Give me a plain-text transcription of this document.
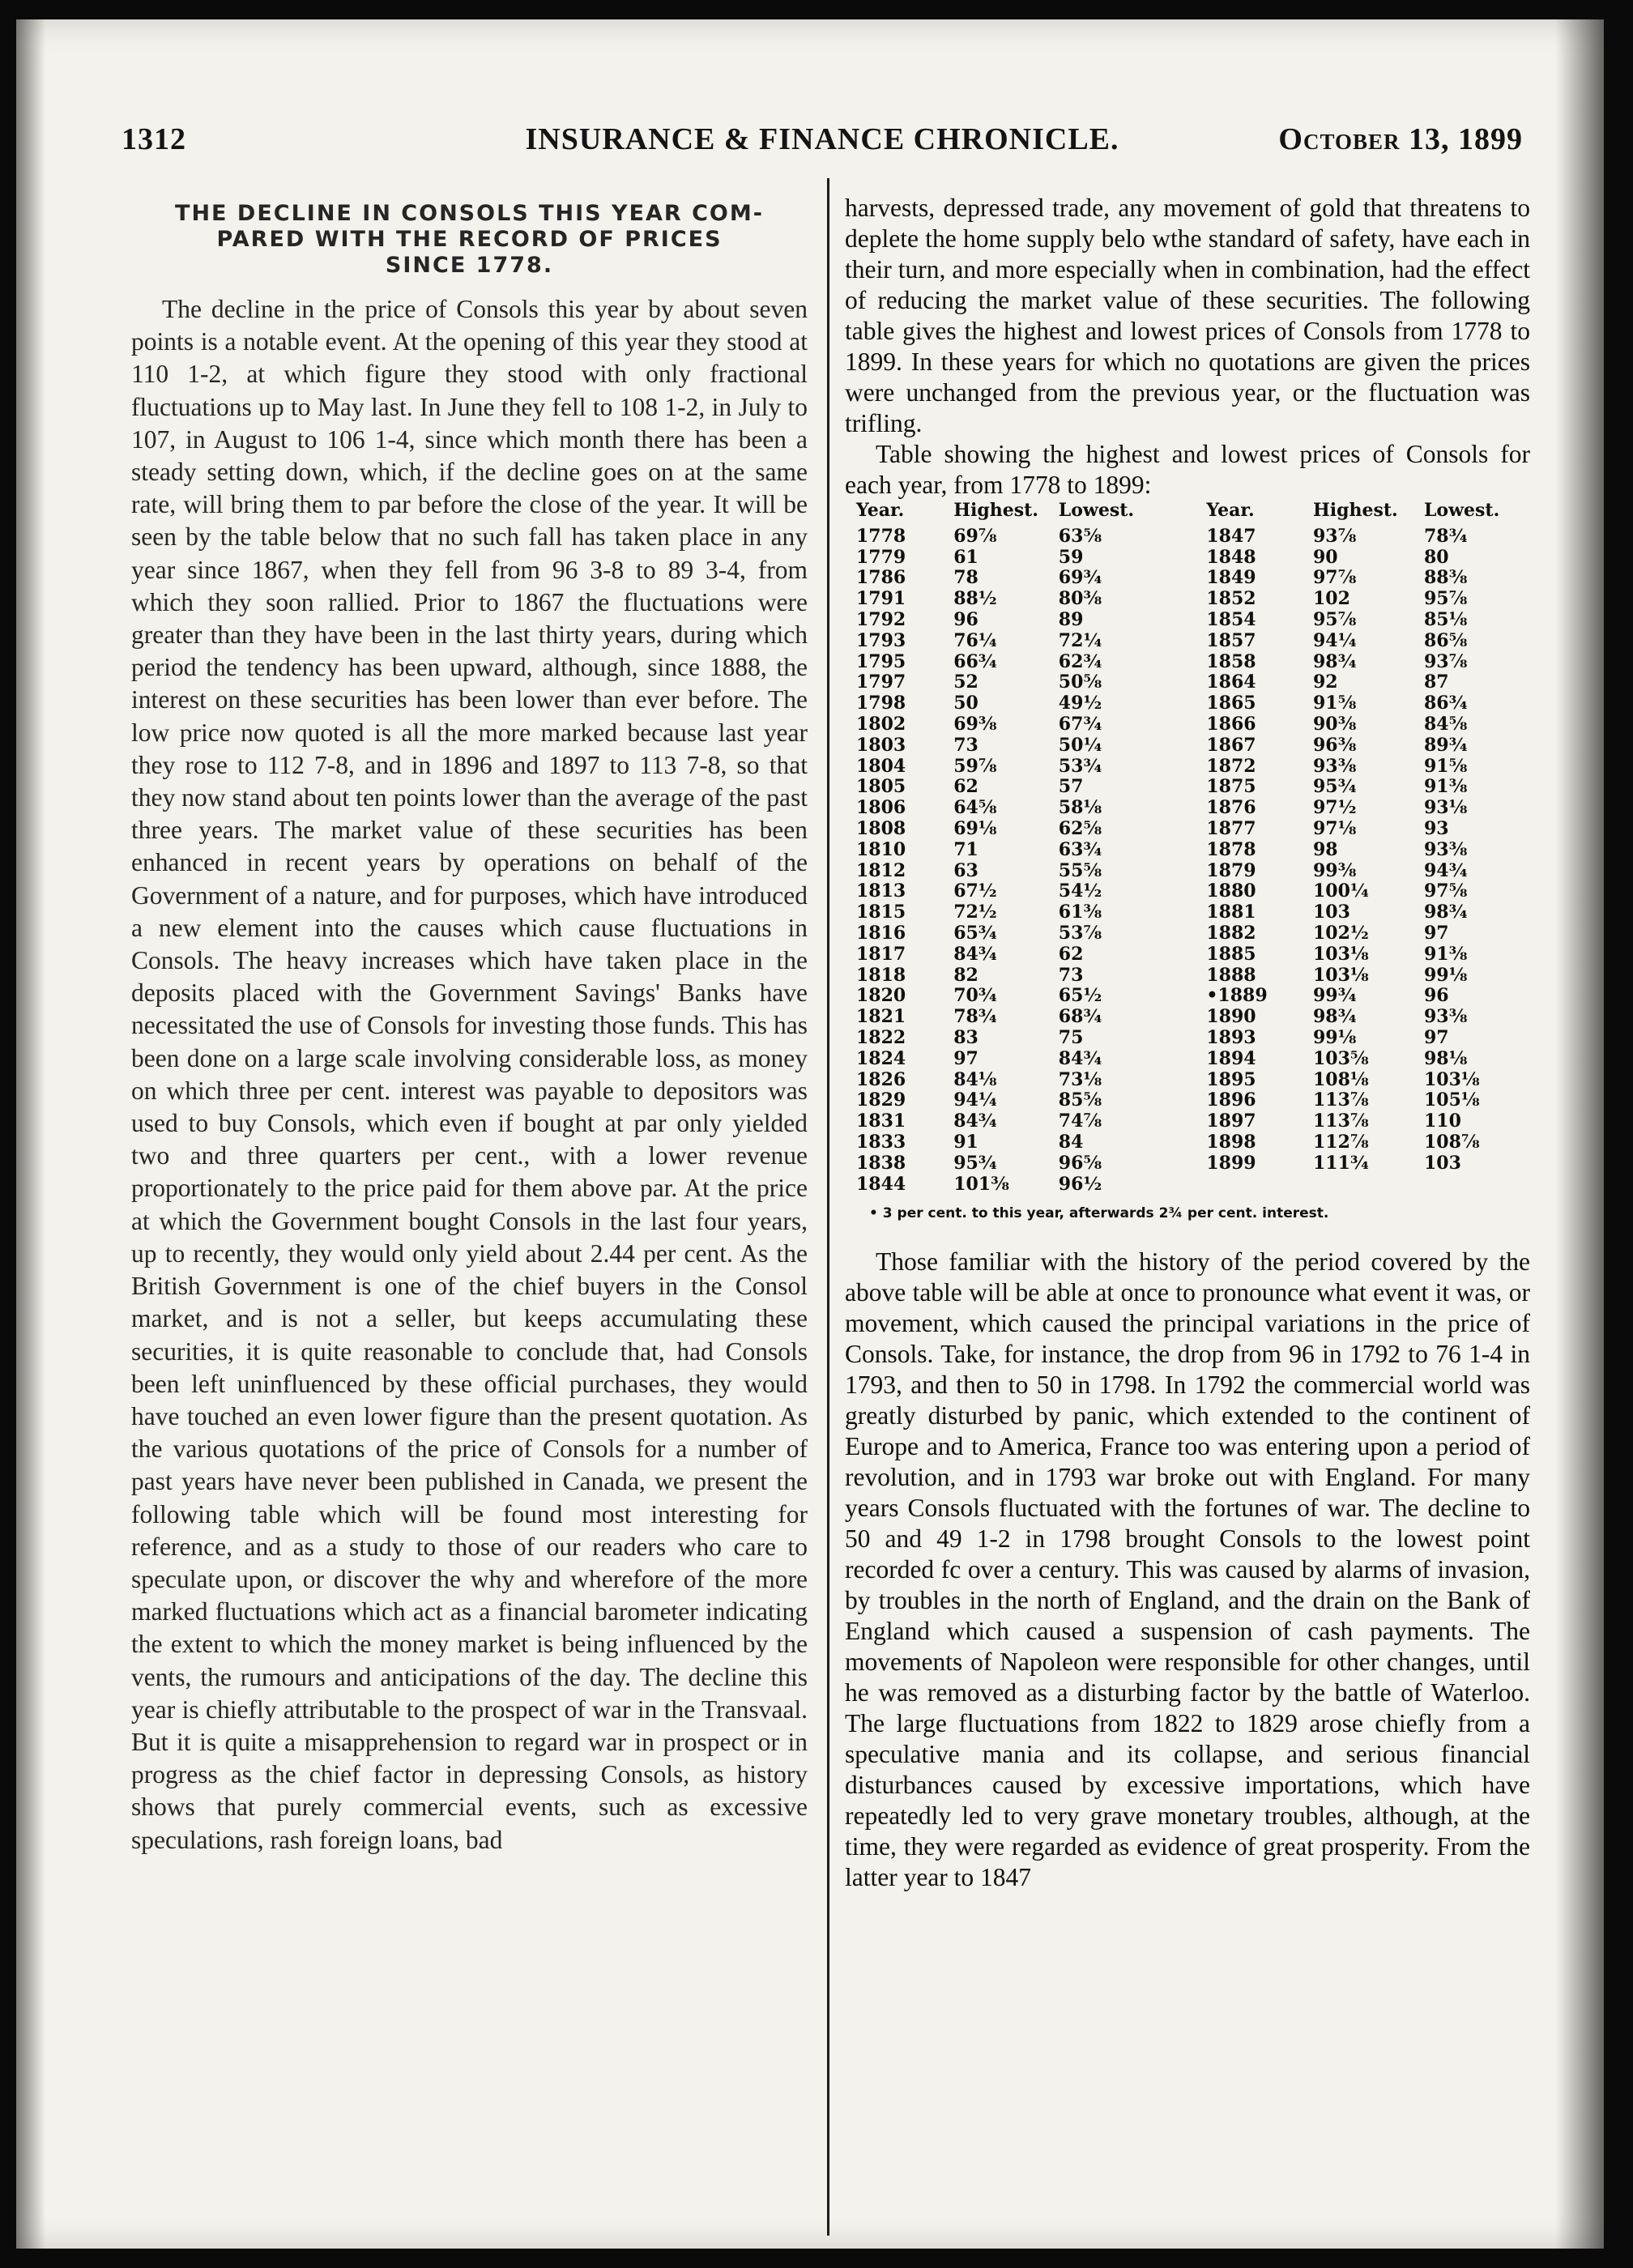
1312	INSURANCE & FINANCE CHRONICLE.	October 13, 1899
THE DECLINE IN CONSOLS THIS YEAR COM-
PARED WITH THE RECORD OF PRICES
SINCE 1778.

The decline in the price of Consols this year by about seven points is a notable event. At the opening of this year they stood at 110 1-2, at which figure they stood with only fractional fluctuations up to May last. In June they fell to 108 1-2, in July to 107, in August to 106 1-4, since which month there has been a steady setting down, which, if the decline goes on at the same rate, will bring them to par before the close of the year. It will be seen by the table below that no such fall has taken place in any year since 1867, when they fell from 96 3-8 to 89 3-4, from which they soon rallied. Prior to 1867 the fluctuations were greater than they have been in the last thirty years, during which period the tendency has been upward, although, since 1888, the interest on these securities has been lower than ever before. The low price now quoted is all the more marked because last year they rose to 112 7-8, and in 1896 and 1897 to 113 7-8, so that they now stand about ten points lower than the average of the past three years. The market value of these securities has been enhanced in recent years by operations on behalf of the Government of a nature, and for purposes, which have introduced a new element into the causes which cause fluctuations in Consols. The heavy increases which have taken place in the deposits placed with the Government Savings' Banks have necessitated the use of Consols for investing those funds. This has been done on a large scale involving considerable loss, as money on which three per cent. interest was payable to depositors was used to buy Consols, which even if bought at par only yielded two and three quarters per cent., with a lower revenue proportionately to the price paid for them above par. At the price at which the Government bought Consols in the last four years, up to recently, they would only yield about 2.44 per cent. As the British Government is one of the chief buyers in the Consol market, and is not a seller, but keeps accumulating these securities, it is quite reasonable to conclude that, had Consols been left uninfluenced by these official purchases, they would have touched an even lower figure than the present quotation. As the various quotations of the price of Consols for a number of past years have never been published in Canada, we present the following table which will be found most interesting for reference, and as a study to those of our readers who care to speculate upon, or discover the why and wherefore of the more marked fluctuations which act as a financial barometer indicating the extent to which the money market is being influenced by the vents, the rumours and anticipations of the day. The decline this year is chiefly attributable to the prospect of war in the Transvaal. But it is quite a misapprehension to regard war in prospect or in progress as the chief factor in depressing Consols, as history shows that purely commercial events, such as excessive speculations, rash foreign loans, bad

harvests, depressed trade, any movement of gold that threatens to deplete the home supply belo wthe standard of safety, have each in their turn, and more especially when in combination, had the effect of reducing the market value of these securities. The following table gives the highest and lowest prices of Consols from 1778 to 1899. In these years for which no quotations are given the prices were unchanged from the previous year, or the fluctuation was trifling.

Table showing the highest and lowest prices of Consols for each year, from 1778 to 1899:

Year.	Highest.	Lowest.	Year.	Highest.	Lowest.
1778	69⅞	63⅝	1847	93⅞	78¾
1779	61	59	1848	90	80
1786	78	69¾	1849	97⅞	88⅜
1791	88½	80⅜	1852	102	95⅞
1792	96	89	1854	95⅞	85⅛
1793	76¼	72¼	1857	94¼	86⅝
1795	66¾	62¾	1858	98¾	93⅞
1797	52	50⅝	1864	92	87
1798	50	49½	1865	91⅝	86¾
1802	69⅜	67¾	1866	90⅜	84⅝
1803	73	50¼	1867	96⅜	89¾
1804	59⅞	53¾	1872	93⅜	91⅝
1805	62	57	1875	95¾	91⅜
1806	64⅝	58⅛	1876	97½	93⅛
1808	69⅛	62⅝	1877	97⅛	93
1810	71	63¾	1878	98	93⅜
1812	63	55⅝	1879	99⅜	94¾
1813	67½	54½	1880	100¼	97⅝
1815	72½	61⅜	1881	103	98¾
1816	65¾	53⅞	1882	102½	97
1817	84¾	62	1885	103⅛	91⅜
1818	82	73	1888	103⅛	99⅛
1820	70¾	65½	•1889	99¾	96
1821	78¾	68¾	1890	98¾	93⅜
1822	83	75	1893	99⅛	97
1824	97	84¾	1894	103⅝	98⅛
1826	84⅛	73⅛	1895	108⅛	103⅛
1829	94¼	85⅝	1896	113⅞	105⅛
1831	84¾	74⅞	1897	113⅞	110
1833	91	84	1898	112⅞	108⅞
1838	95¾	96⅝	1899	111¾	103
1844	101⅜	96½			
• 3 per cent. to this year, afterwards 2¾ per cent. interest.

Those familiar with the history of the period covered by the above table will be able at once to pronounce what event it was, or movement, which caused the principal variations in the price of Consols. Take, for instance, the drop from 96 in 1792 to 76 1-4 in 1793, and then to 50 in 1798. In 1792 the commercial world was greatly disturbed by panic, which extended to the continent of Europe and to America, France too was entering upon a period of revolution, and in 1793 war broke out with England. For many years Consols fluctuated with the fortunes of war. The decline to 50 and 49 1-2 in 1798 brought Consols to the lowest point recorded fc over a century. This was caused by alarms of invasion, by troubles in the north of England, and the drain on the Bank of England which caused a suspension of cash payments. The movements of Napoleon were responsible for other changes, until he was removed as a disturbing factor by the battle of Waterloo. The large fluctuations from 1822 to 1829 arose chiefly from a speculative mania and its collapse, and serious financial disturbances caused by excessive importations, which have repeatedly led to very grave monetary troubles, although, at the time, they were regarded as evidence of great prosperity. From the latter year to 1847
